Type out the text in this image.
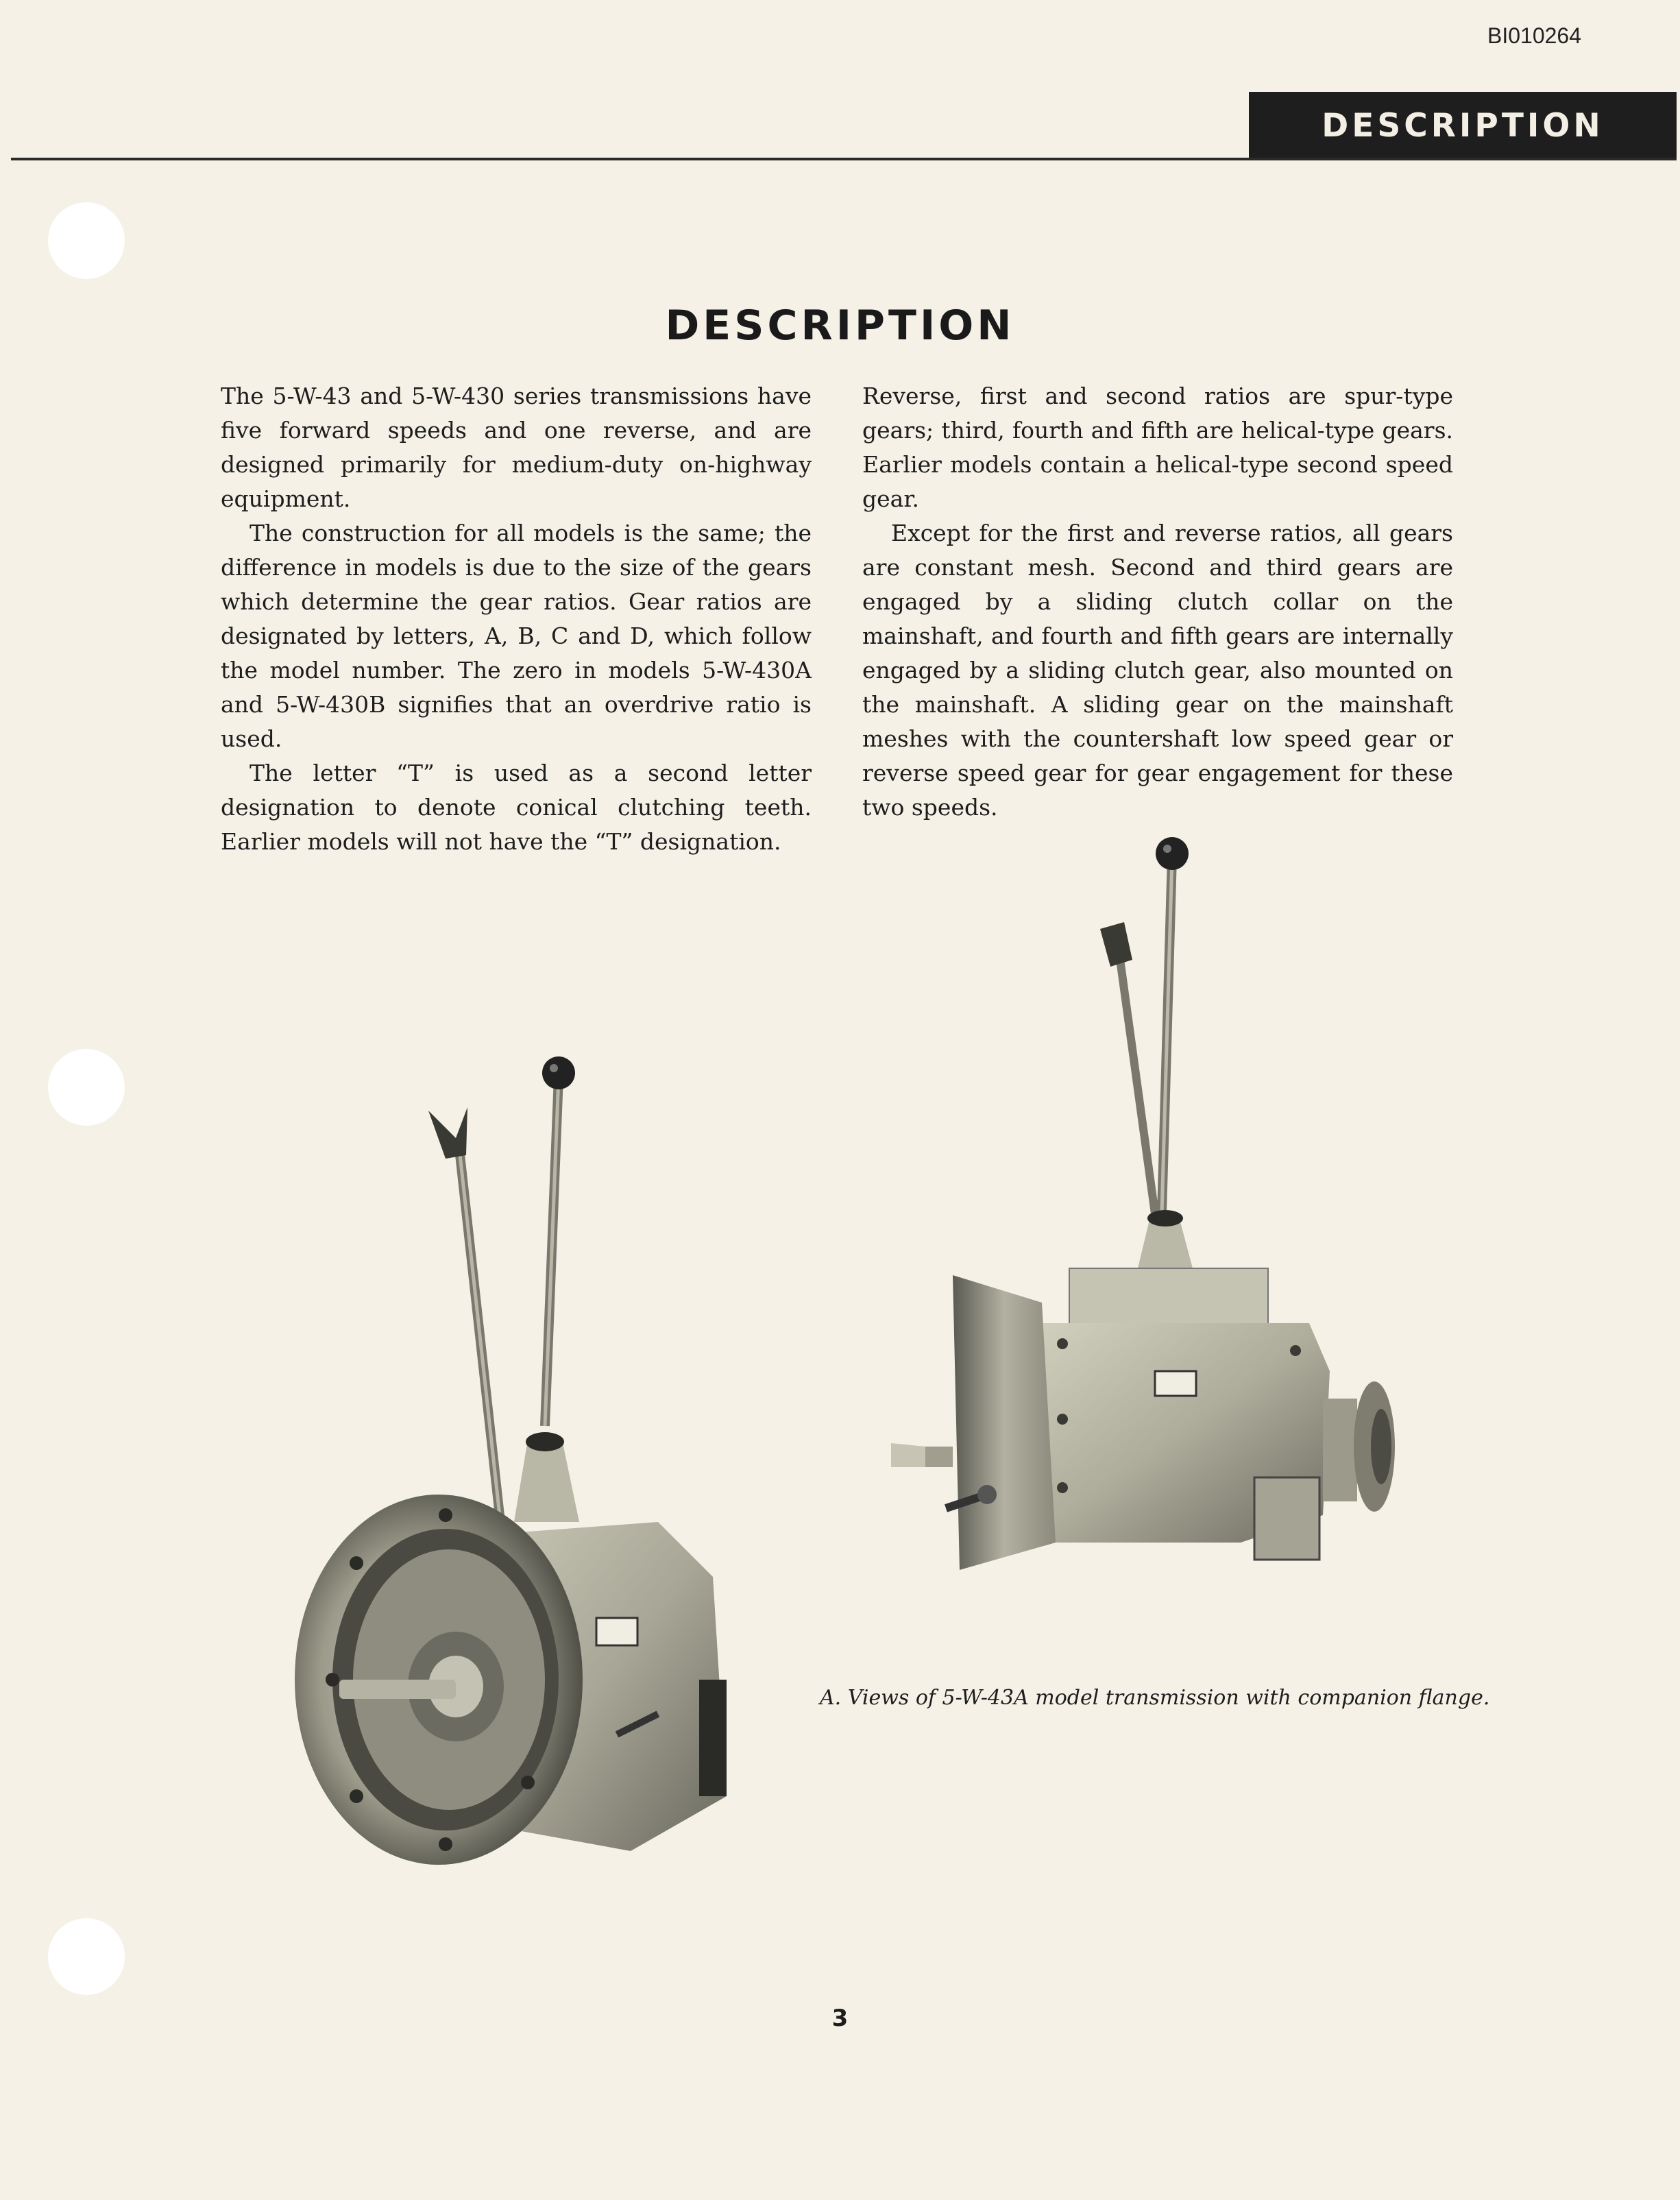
BI010264
DESCRIPTION
DESCRIPTION

The 5-W-43 and 5-W-430 series transmissions have five forward speeds and one reverse, and are designed primarily for medium-duty on-highway equipment.

The construction for all models is the same; the difference in models is due to the size of the gears which determine the gear ratios. Gear ratios are designated by letters, A, B, C and D, which follow the model number. The zero in models 5-W-430A and 5-W-430B signifies that an overdrive ratio is used.

The letter “T” is used as a second letter designation to denote conical clutching teeth. Earlier models will not have the “T” designation.

Reverse, first and second ratios are spur-type gears; third, fourth and fifth are helical-type gears. Earlier models contain a helical-type second speed gear.

Except for the first and reverse ratios, all gears are constant mesh. Second and third gears are engaged by a sliding clutch collar on the mainshaft, and fourth and fifth gears are internally engaged by a sliding clutch gear, also mounted on the mainshaft. A sliding gear on the mainshaft meshes with the countershaft low speed gear or reverse speed gear for gear engagement for these two speeds.

A. Views of 5-W-43A model transmission with companion flange.
3
